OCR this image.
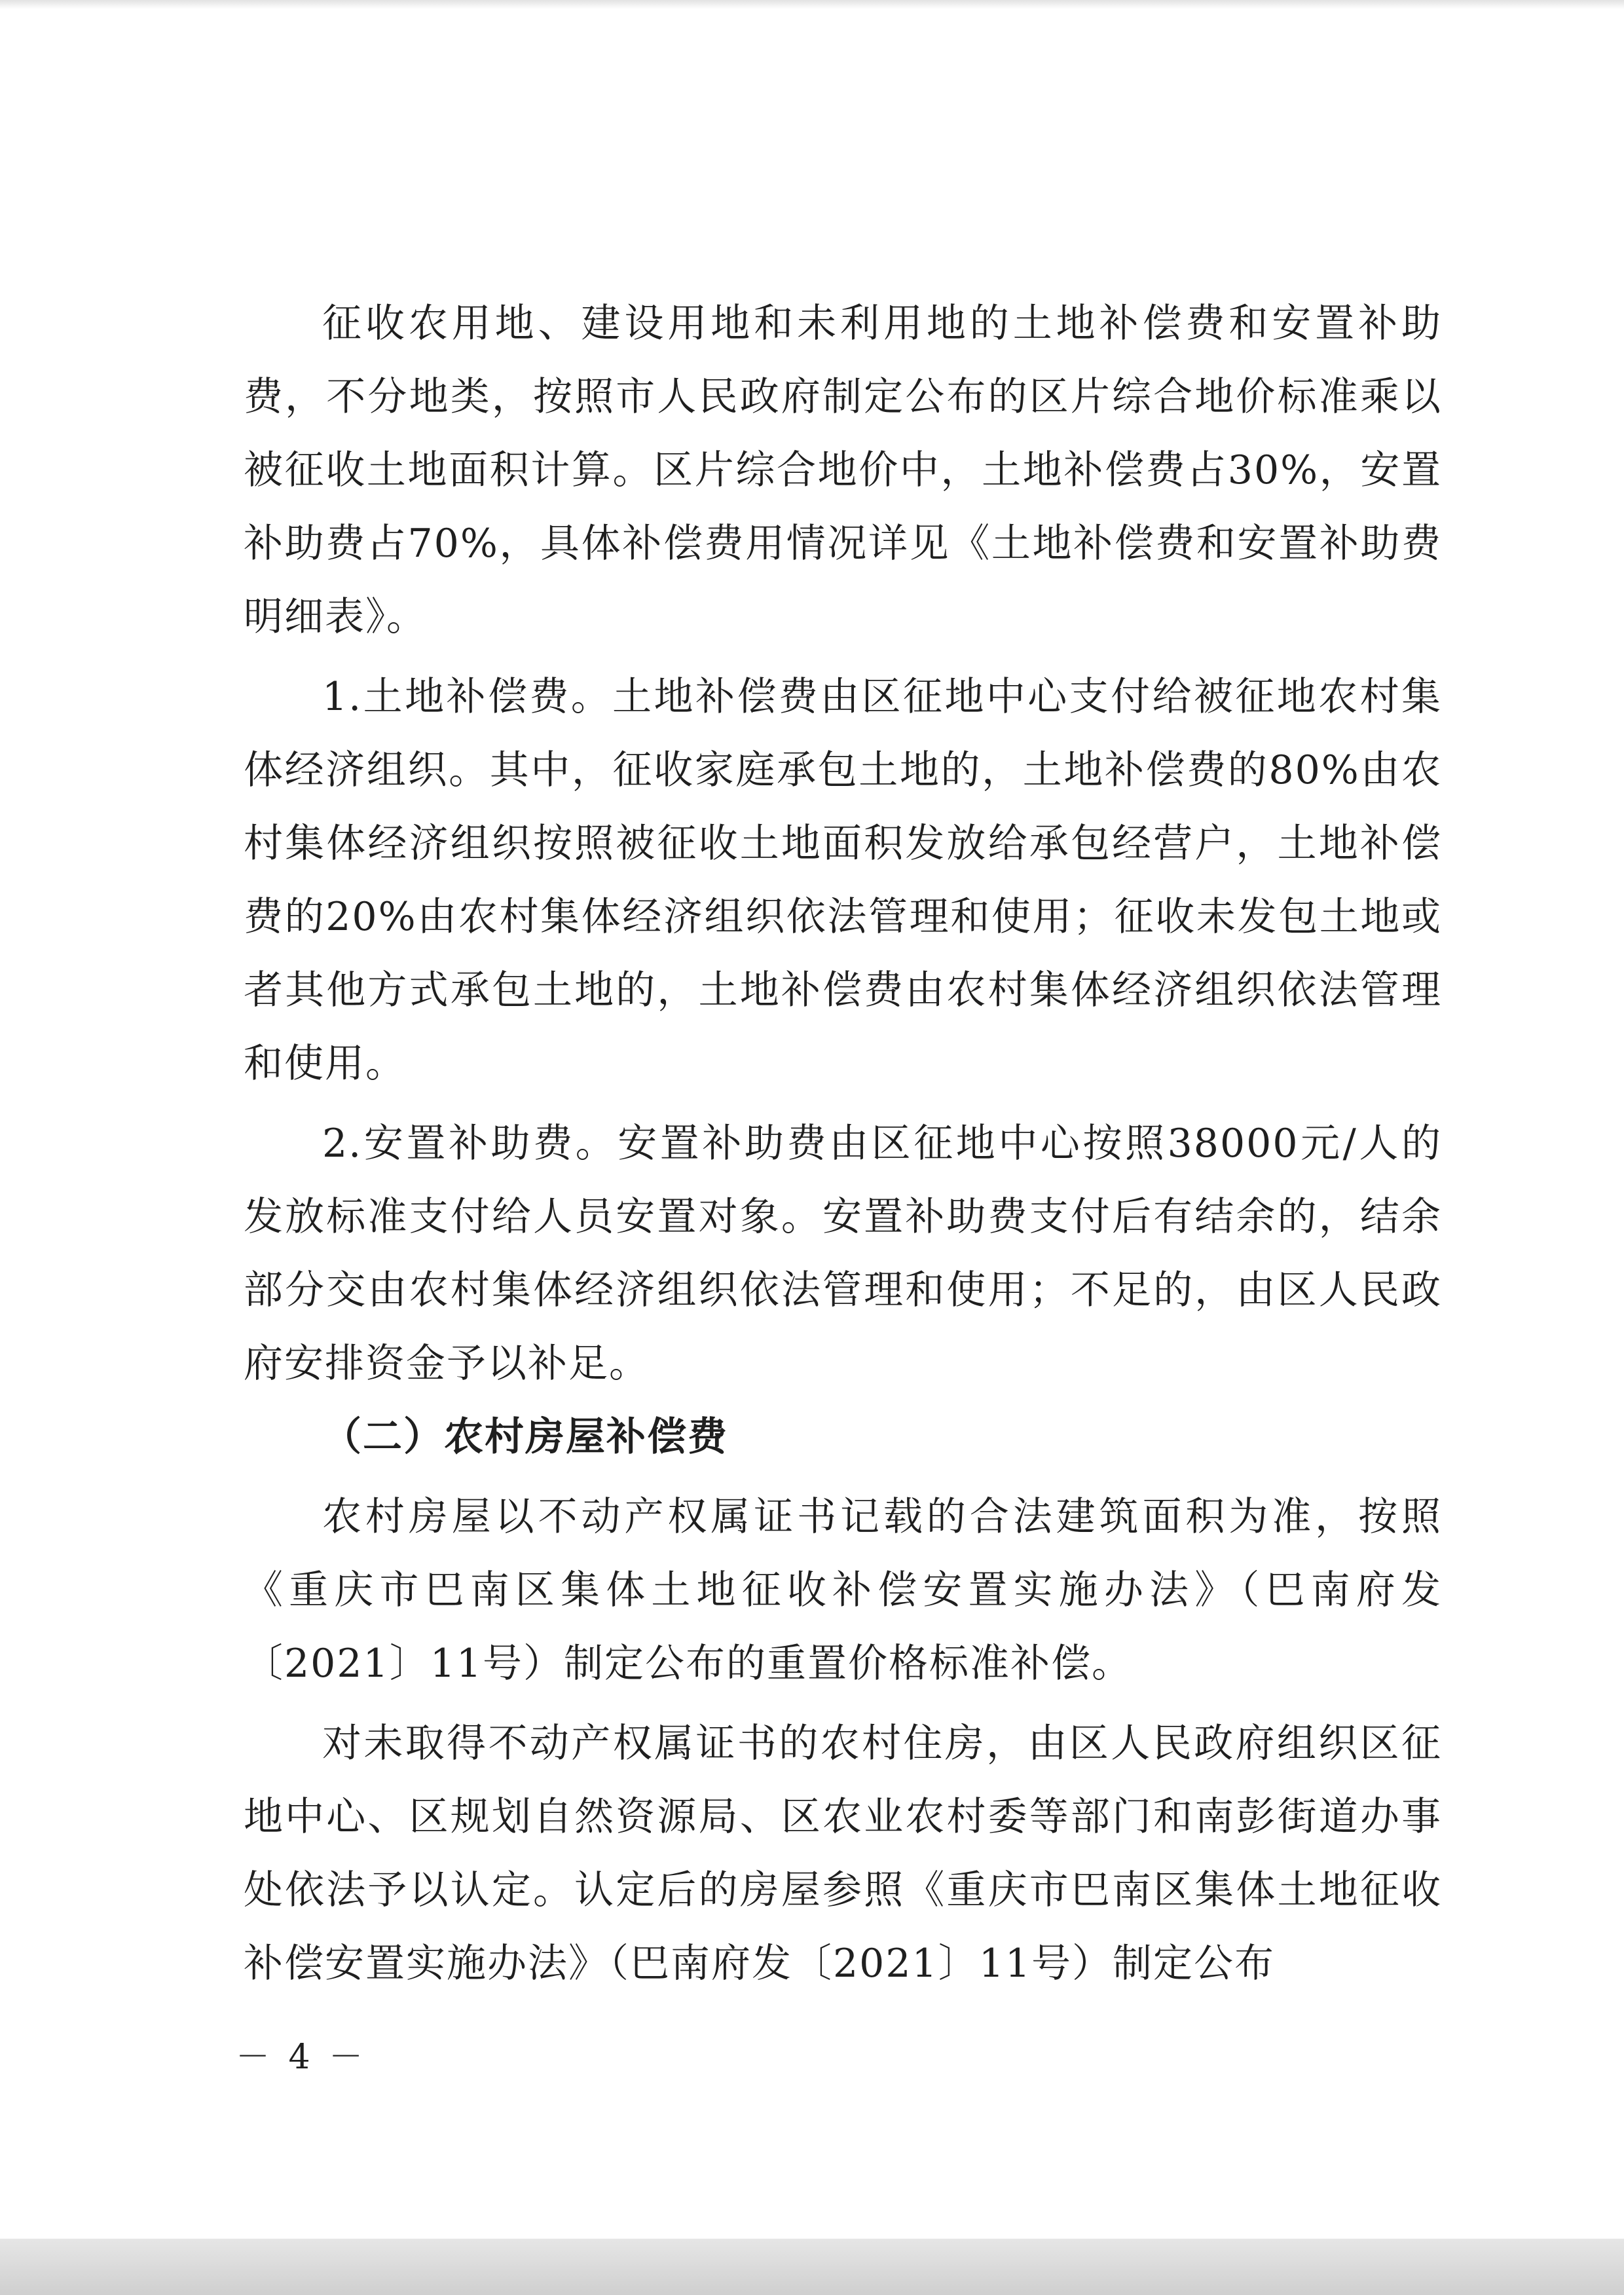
征收农用地、建设用地和未利用地的土地补偿费和安置补助费，不分地类，按照市人民政府制定公布的区片综合地价标准乘以被征收土地面积计算。区片综合地价中，土地补偿费占30%，安置补助费占70%，具体补偿费用情况详见《土地补偿费和安置补助费明细表》。

1.土地补偿费。土地补偿费由区征地中心支付给被征地农村集体经济组织。其中，征收家庭承包土地的，土地补偿费的80%由农村集体经济组织按照被征收土地面积发放给承包经营户，土地补偿费的20%由农村集体经济组织依法管理和使用；征收未发包土地或者其他方式承包土地的，土地补偿费由农村集体经济组织依法管理和使用。

2.安置补助费。安置补助费由区征地中心按照38000元/人的发放标准支付给人员安置对象。安置补助费支付后有结余的，结余部分交由农村集体经济组织依法管理和使用；不足的，由区人民政府安排资金予以补足。

（二）农村房屋补偿费

农村房屋以不动产权属证书记载的合法建筑面积为准，按照《重庆市巴南区集体土地征收补偿安置实施办法》（巴南府发〔2021〕11号）制定公布的重置价格标准补偿。

对未取得不动产权属证书的农村住房，由区人民政府组织区征地中心、区规划自然资源局、区农业农村委等部门和南彭街道办事处依法予以认定。认定后的房屋参照《重庆市巴南区集体土地征收补偿安置实施办法》（巴南府发〔2021〕11号）制定公布

－ 4 －
